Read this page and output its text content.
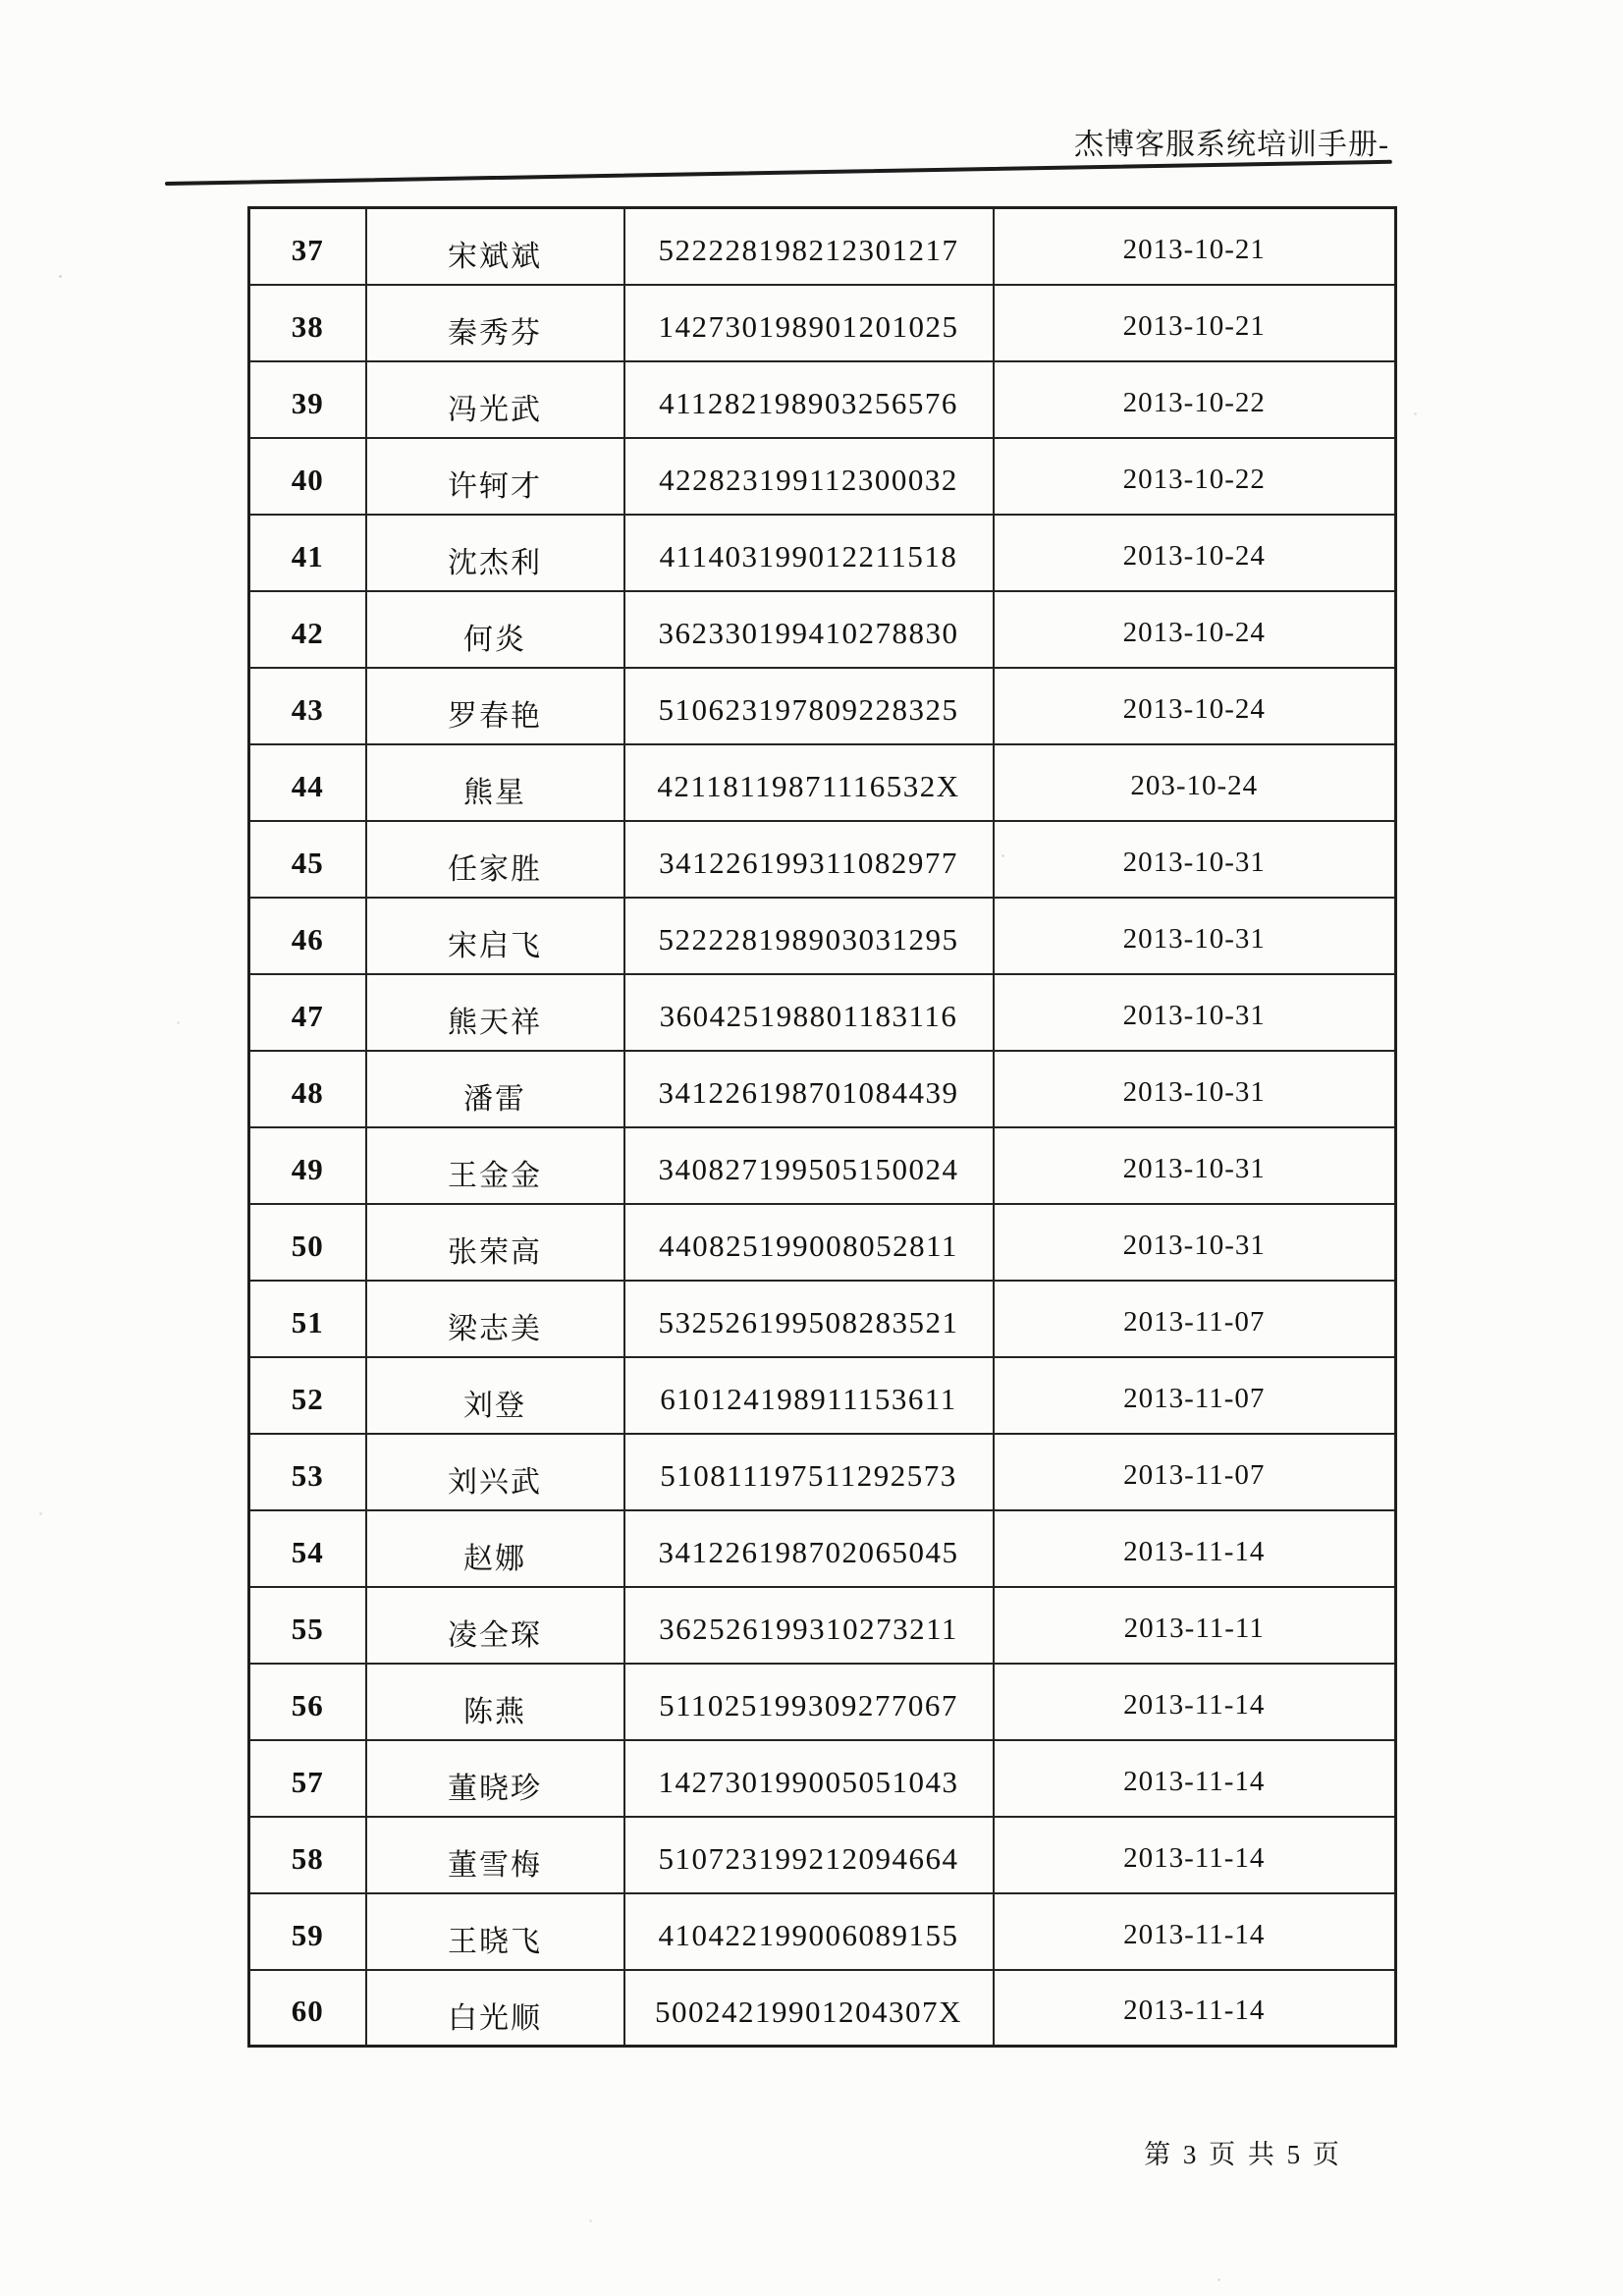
杰博客服系统培训手册-
37	宋斌斌	522228198212301217	2013-10-21
38	秦秀芬	142730198901201025	2013-10-21
39	冯光武	411282198903256576	2013-10-22
40	许轲才	422823199112300032	2013-10-22
41	沈杰利	411403199012211518	2013-10-24
42	何炎	362330199410278830	2013-10-24
43	罗春艳	510623197809228325	2013-10-24
44	熊星	42118119871116532X	203-10-24
45	任家胜	341226199311082977	2013-10-31
46	宋启飞	522228198903031295	2013-10-31
47	熊天祥	360425198801183116	2013-10-31
48	潘雷	341226198701084439	2013-10-31
49	王金金	340827199505150024	2013-10-31
50	张荣高	440825199008052811	2013-10-31
51	梁志美	532526199508283521	2013-11-07
52	刘登	610124198911153611	2013-11-07
53	刘兴武	510811197511292573	2013-11-07
54	赵娜	341226198702065045	2013-11-14
55	凌全琛	362526199310273211	2013-11-11
56	陈燕	511025199309277067	2013-11-14
57	董晓珍	142730199005051043	2013-11-14
58	董雪梅	510723199212094664	2013-11-14
59	王晓飞	410422199006089155	2013-11-14
60	白光顺	50024219901204307X	2013-11-14
第 3 页 共 5 页
